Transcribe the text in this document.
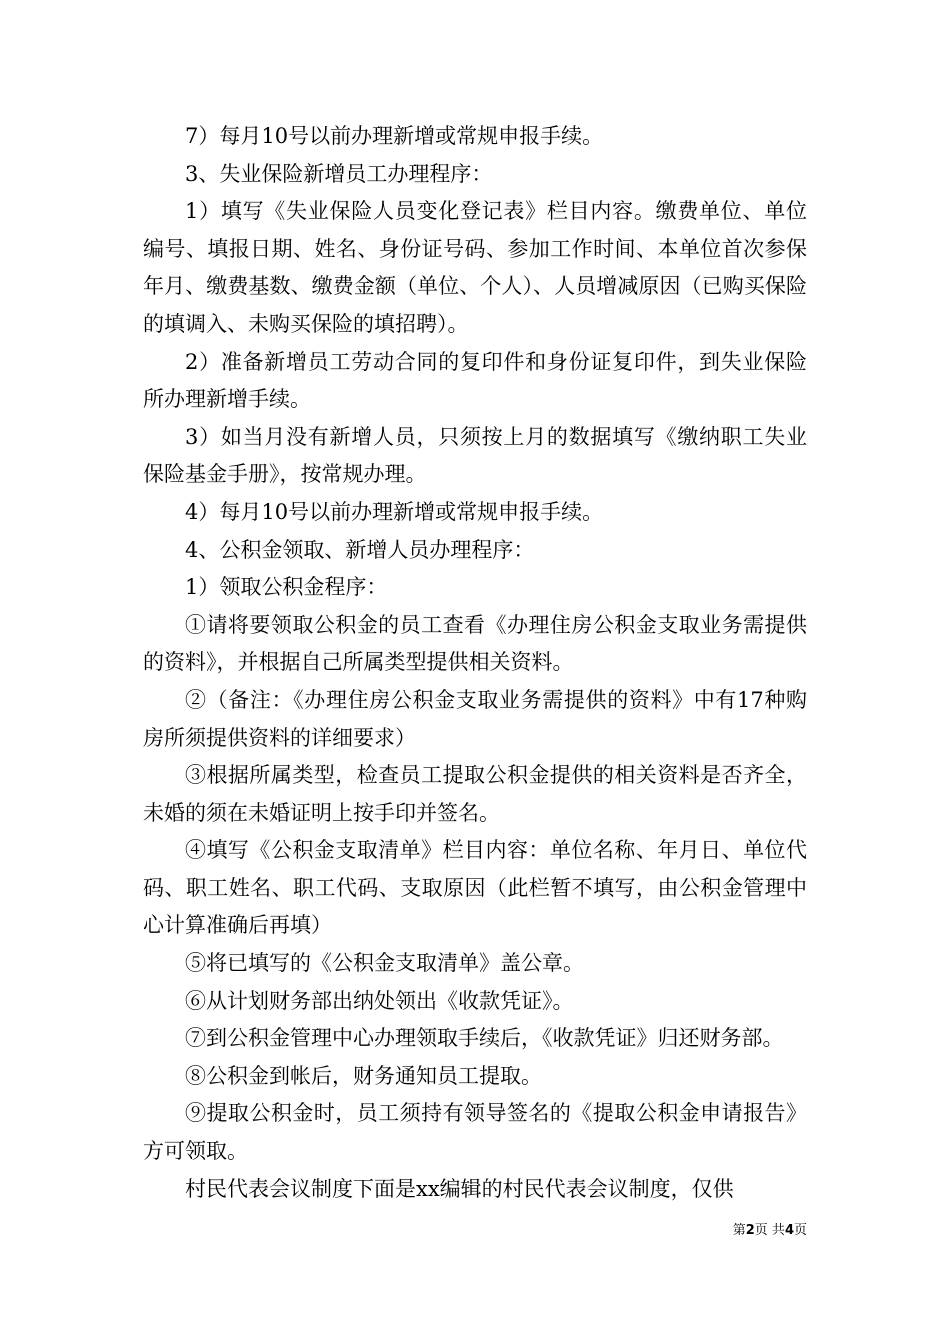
7）每月10号以前办理新增或常规申报手续。

3、失业保险新增员工办理程序：

1）填写《失业保险人员变化登记表》栏目内容。缴费单位、单位编号、填报日期、姓名、身份证号码、参加工作时间、本单位首次参保年月、缴费基数、缴费金额（单位、个人）、人员增减原因（已购买保险的填调入、未购买保险的填招聘）。

2）准备新增员工劳动合同的复印件和身份证复印件，到失业保险所办理新增手续。

3）如当月没有新增人员，只须按上月的数据填写《缴纳职工失业保险基金手册》，按常规办理。

4）每月10号以前办理新增或常规申报手续。

4、公积金领取、新增人员办理程序：

1）领取公积金程序：

①请将要领取公积金的员工查看《办理住房公积金支取业务需提供的资料》，并根据自己所属类型提供相关资料。

②（备注：《办理住房公积金支取业务需提供的资料》中有17种购房所须提供资料的详细要求）

③根据所属类型，检查员工提取公积金提供的相关资料是否齐全，未婚的须在未婚证明上按手印并签名。

④填写《公积金支取清单》栏目内容：单位名称、年月日、单位代码、职工姓名、职工代码、支取原因（此栏暂不填写，由公积金管理中心计算准确后再填）

⑤将已填写的《公积金支取清单》盖公章。

⑥从计划财务部出纳处领出《收款凭证》。

⑦到公积金管理中心办理领取手续后，《收款凭证》归还财务部。

⑧公积金到帐后，财务通知员工提取。

⑨提取公积金时，员工须持有领导签名的《提取公积金申请报告》方可领取。

村民代表会议制度下面是xx编辑的村民代表会议制度，仅供

第2页 共4页
